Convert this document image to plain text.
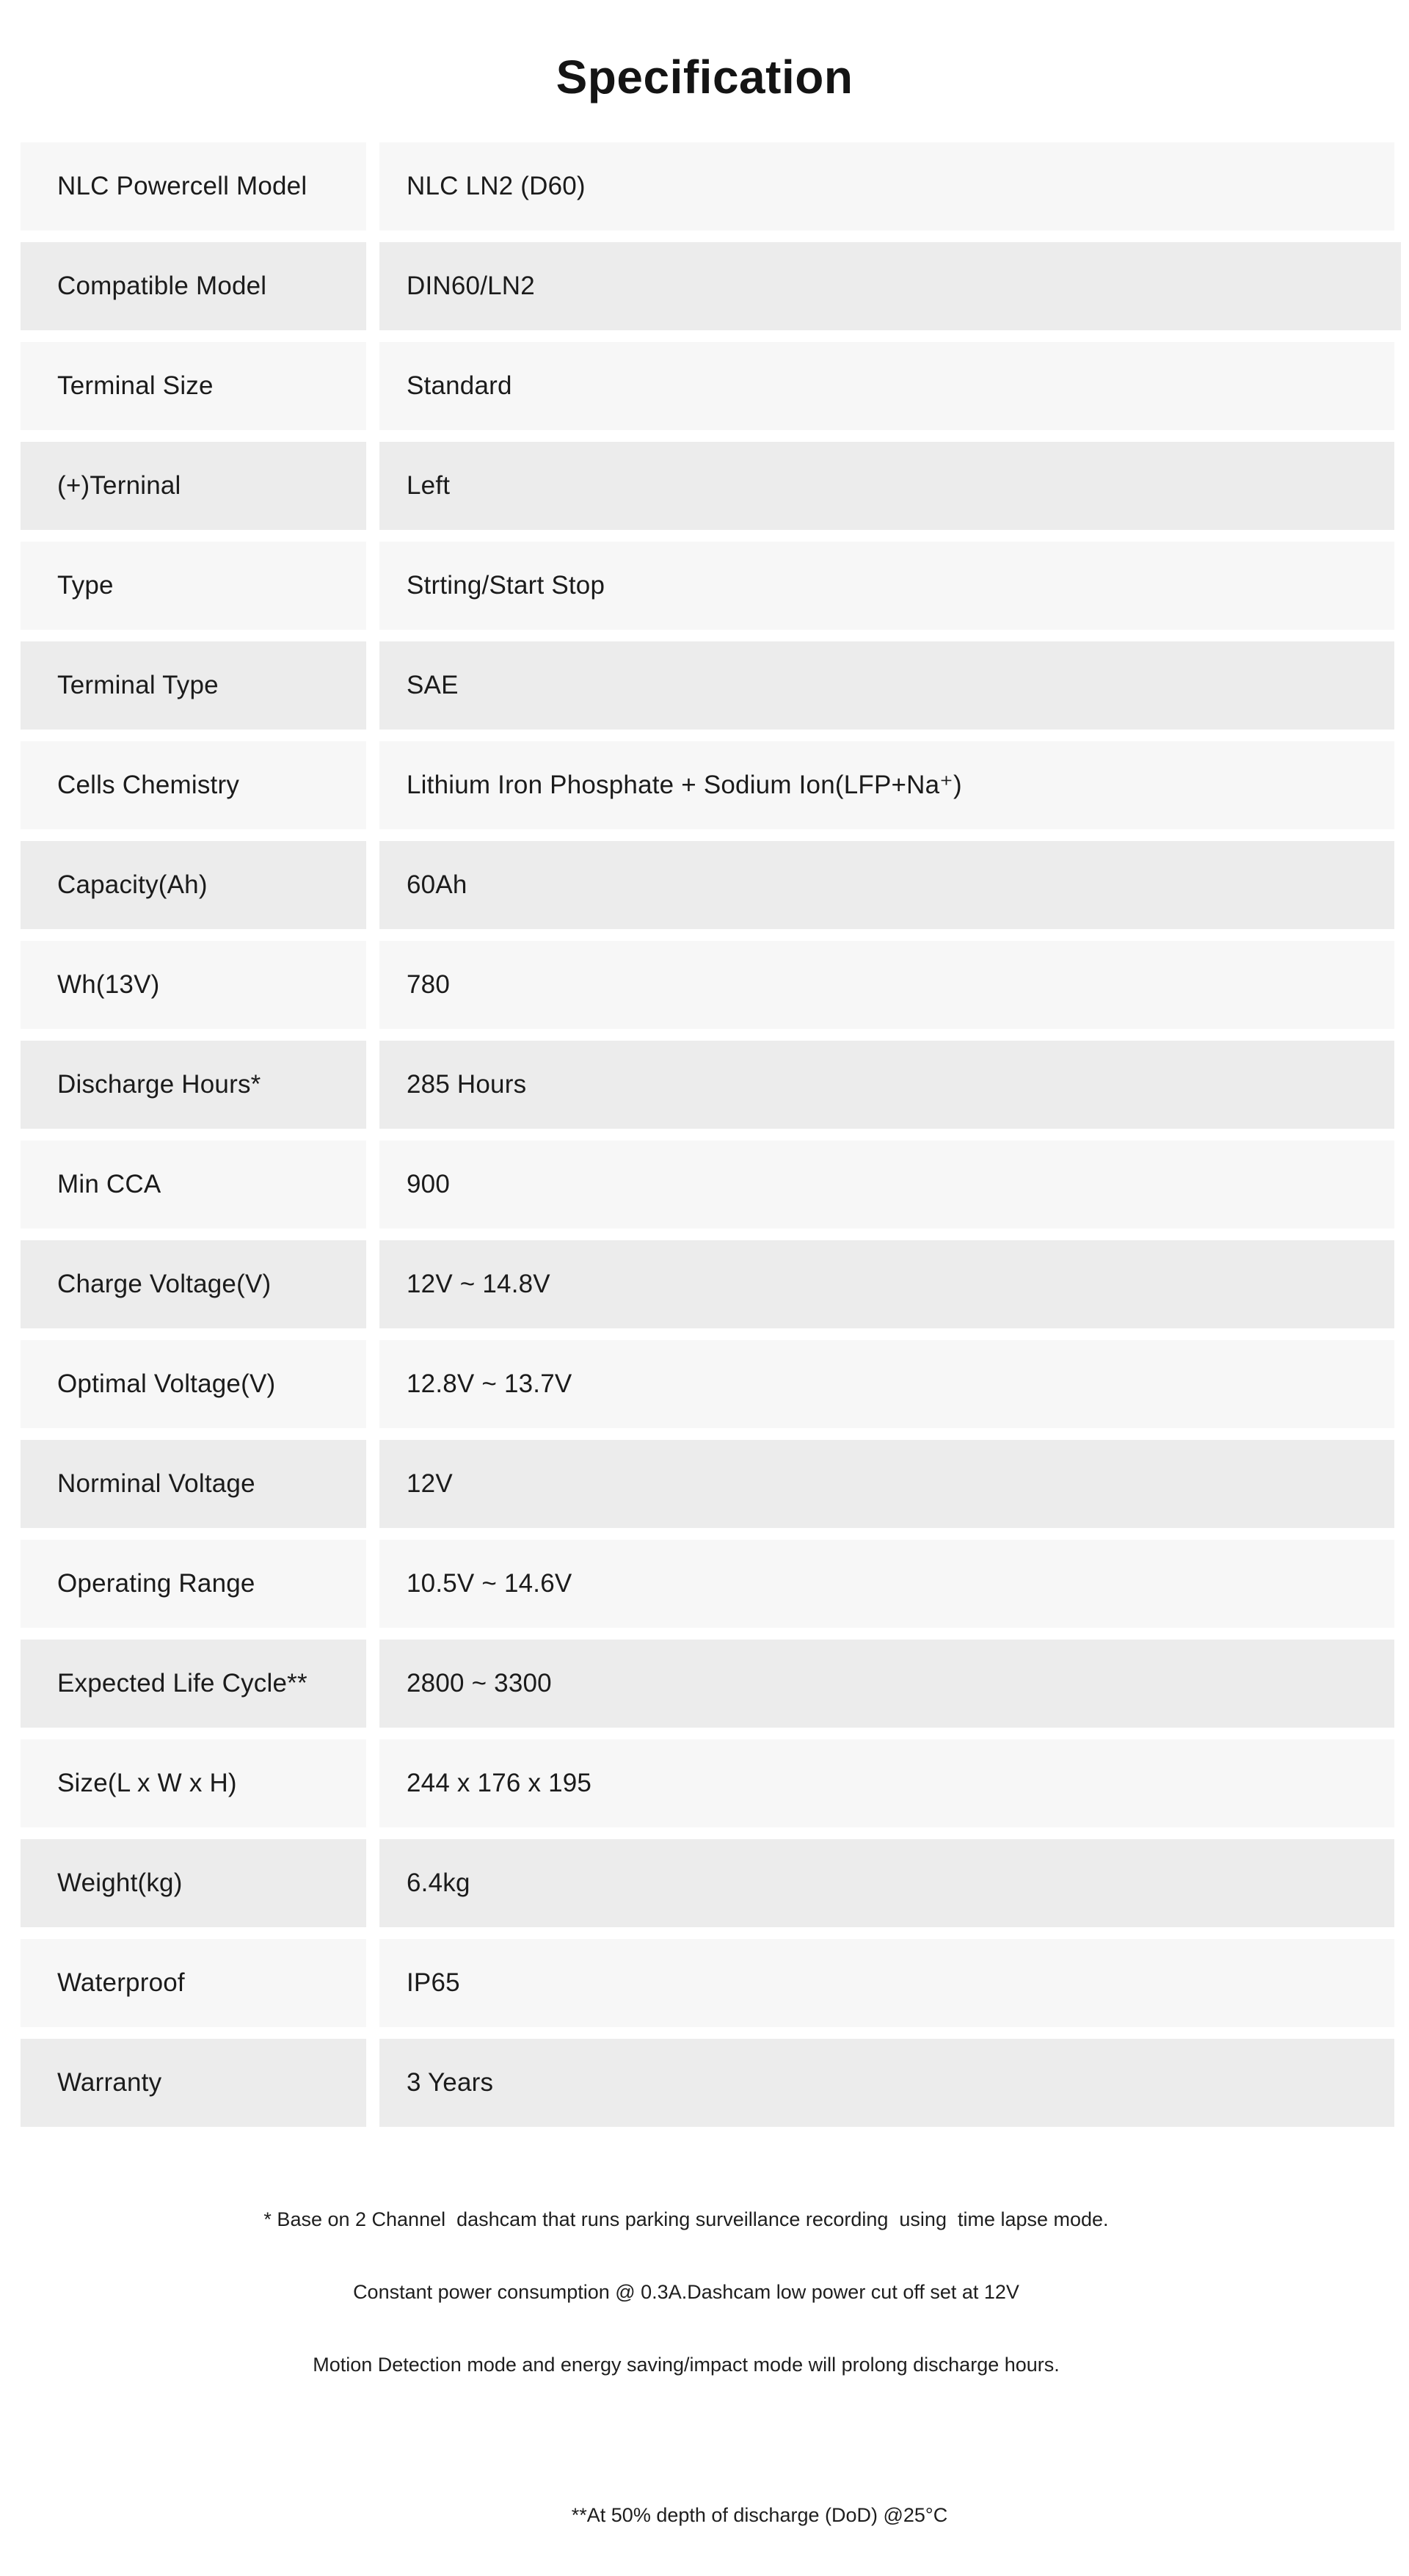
Specification
NLC Powercell Model	NLC LN2 (D60)
Compatible Model	DIN60/LN2
Terminal Size	Standard
(+)Terninal	Left
Type	Strting/Start Stop
Terminal Type	SAE
Cells Chemistry	Lithium Iron Phosphate + Sodium Ion(LFP+Na⁺)
Capacity(Ah)	60Ah
Wh(13V)	780
Discharge Hours*	285 Hours
Min CCA	900
Charge Voltage(V)	12V ~ 14.8V
Optimal Voltage(V)	12.8V ~ 13.7V
Norminal Voltage	12V
Operating Range	10.5V ~ 14.6V
Expected Life Cycle**	2800 ~ 3300
Size(L x W x H)	244 x 176 x 195
Weight(kg)	6.4kg
Waterproof	IP65
Warranty	3 Years

* Base on 2 Channel  dashcam that runs parking surveillance recording  using  time lapse mode.

Constant power consumption @ 0.3A.Dashcam low power cut off set at 12V

Motion Detection mode and energy saving/impact mode will prolong discharge hours.

**At 50% depth of discharge (DoD) @25°C
